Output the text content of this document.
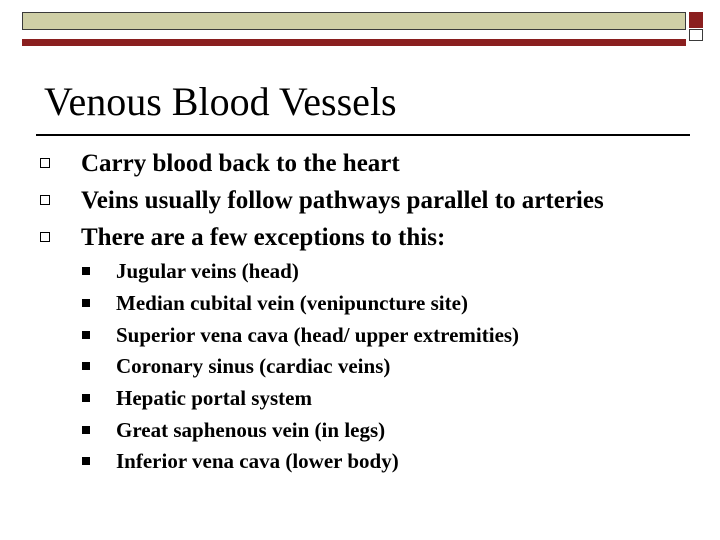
Venous Blood Vessels
Carry blood back to the heart
Veins usually follow pathways parallel to arteries
There are a few exceptions to this:
Jugular veins (head)
Median cubital vein (venipuncture site)
Superior vena cava (head/ upper extremities)
Coronary sinus (cardiac veins)
Hepatic portal system
Great saphenous vein (in legs)
Inferior vena cava (lower body)
